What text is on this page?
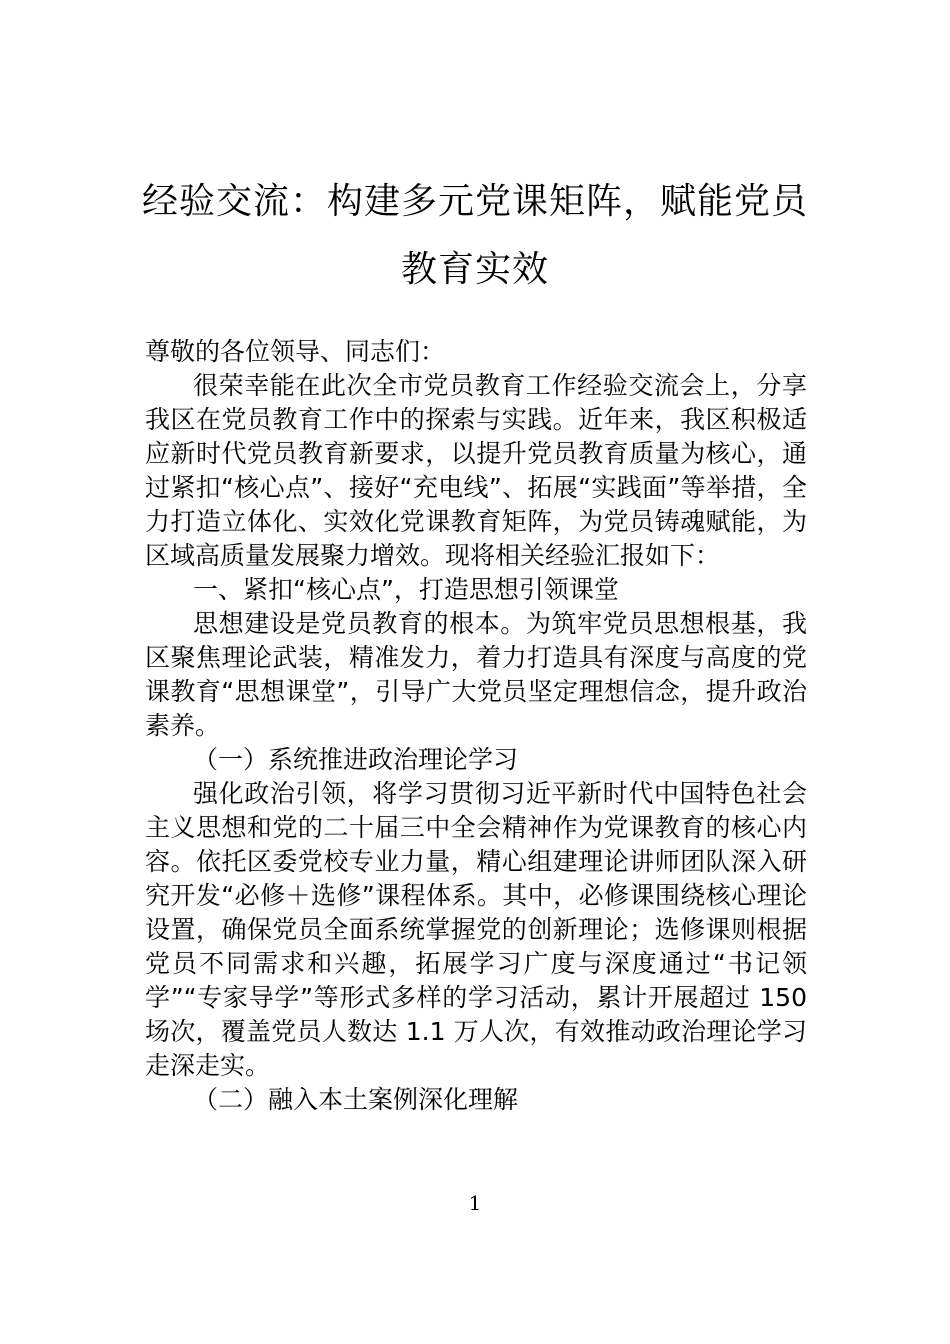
经验交流：构建多元党课矩阵，赋能党员教育实效

尊敬的各位领导、同志们：

很荣幸能在此次全市党员教育工作经验交流会上，分享我区在党员教育工作中的探索与实践。近年来，我区积极适应新时代党员教育新要求，以提升党员教育质量为核心，通过紧扣“核心点”、接好“充电线”、拓展“实践面”等举措，全力打造立体化、实效化党课教育矩阵，为党员铸魂赋能，为区域高质量发展聚力增效。现将相关经验汇报如下：

一、紧扣“核心点”，打造思想引领课堂

思想建设是党员教育的根本。为筑牢党员思想根基，我区聚焦理论武装，精准发力，着力打造具有深度与高度的党课教育“思想课堂”，引导广大党员坚定理想信念，提升政治素养。

（一）系统推进政治理论学习

强化政治引领，将学习贯彻习近平新时代中国特色社会主义思想和党的二十届三中全会精神作为党课教育的核心内容。依托区委党校专业力量，精心组建理论讲师团队深入研究开发“必修＋选修”课程体系。其中，必修课围绕核心理论设置，确保党员全面系统掌握党的创新理论；选修课则根据党员不同需求和兴趣，拓展学习广度与深度通过“书记领学”“专家导学”等形式多样的学习活动，累计开展超过 150 场次，覆盖党员人数达 1.1 万人次，有效推动政治理论学习走深走实。

（二）融入本土案例深化理解

1
